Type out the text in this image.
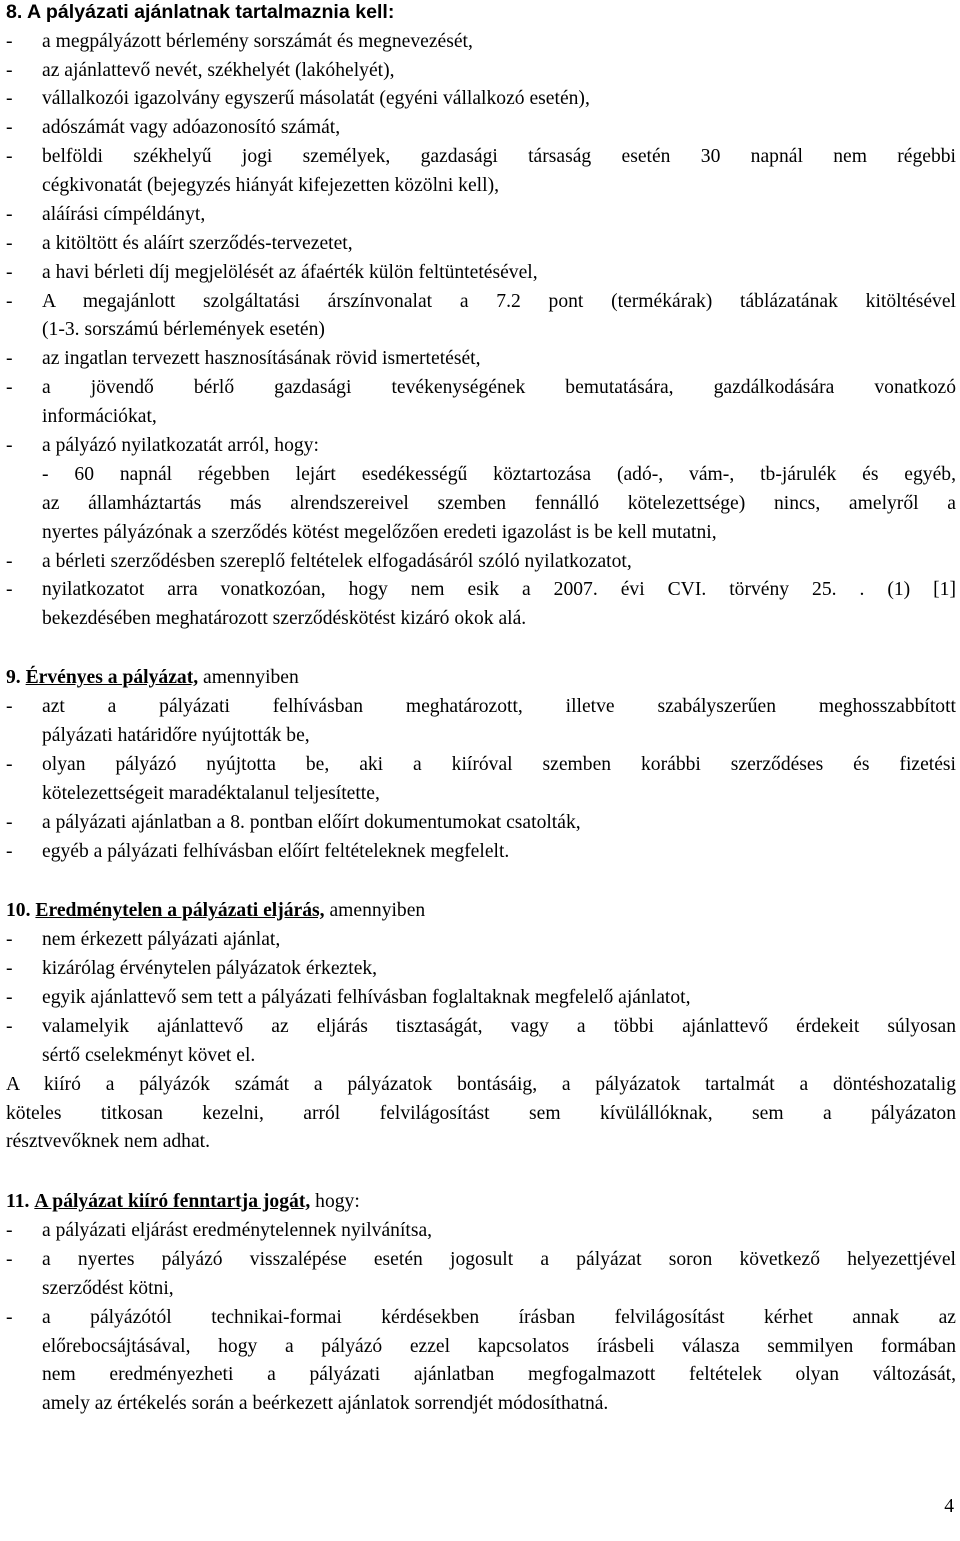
8. A pályázati ajánlatnak tartalmaznia kell:
- a megpályázott bérlemény sorszámát és megnevezését,
- az ajánlattevő nevét, székhelyét (lakóhelyét),
- vállalkozói igazolvány egyszerű másolatát (egyéni vállalkozó esetén),
- adószámát vagy adóazonosító számát,
- belföldi székhelyű jogi személyek, gazdasági társaság esetén 30 napnál nem régebbi
cégkivonatát (bejegyzés hiányát kifejezetten közölni kell),
- aláírási címpéldányt,
- a kitöltött és aláírt szerződés-tervezetet,
- a havi bérleti díj megjelölését az áfaérték külön feltüntetésével,
- A megajánlott szolgáltatási árszínvonalat a 7.2 pont (termékárak) táblázatának kitöltésével
(1-3. sorszámú bérlemények esetén)
- az ingatlan tervezett hasznosításának rövid ismertetését,
- a jövendő bérlő gazdasági tevékenységének bemutatására, gazdálkodására vonatkozó
információkat,
- a pályázó nyilatkozatát arról, hogy:
- 60 napnál régebben lejárt esedékességű köztartozása (adó-, vám-, tb-járulék és egyéb,
az államháztartás más alrendszereivel szemben fennálló kötelezettsége) nincs, amelyről a
nyertes pályázónak a szerződés kötést megelőzően eredeti igazolást is be kell mutatni,
- a bérleti szerződésben szereplő feltételek elfogadásáról szóló nyilatkozatot,
- nyilatkozatot arra vonatkozóan, hogy nem esik a 2007. évi CVI. törvény 25. . (1) [1]
bekezdésében meghatározott szerződéskötést kizáró okok alá.
9. Érvényes a pályázat, amennyiben
- azt a pályázati felhívásban meghatározott, illetve szabályszerűen meghosszabbított
pályázati határidőre nyújtották be,
- olyan pályázó nyújtotta be, aki a kiíróval szemben korábbi szerződéses és fizetési
kötelezettségeit maradéktalanul teljesítette,
- a pályázati ajánlatban a 8. pontban előírt dokumentumokat csatolták,
- egyéb a pályázati felhívásban előírt feltételeknek megfelelt.
10. Eredménytelen a pályázati eljárás, amennyiben
- nem érkezett pályázati ajánlat,
- kizárólag érvénytelen pályázatok érkeztek,
- egyik ajánlattevő sem tett a pályázati felhívásban foglaltaknak megfelelő ajánlatot,
- valamelyik ajánlattevő az eljárás tisztaságát, vagy a többi ajánlattevő érdekeit súlyosan
sértő cselekményt követ el.
A kiíró a pályázók számát a pályázatok bontásáig, a pályázatok tartalmát a döntéshozatalig
köteles titkosan kezelni, arról felvilágosítást sem kívülállóknak, sem a pályázaton
résztvevőknek nem adhat.
11. A pályázat kiíró fenntartja jogát, hogy:
- a pályázati eljárást eredménytelennek nyilvánítsa,
- a nyertes pályázó visszalépése esetén jogosult a pályázat soron következő helyezettjével
szerződést kötni,
- a pályázótól technikai-formai kérdésekben írásban felvilágosítást kérhet annak az
előrebocsájtásával, hogy a pályázó ezzel kapcsolatos írásbeli válasza semmilyen formában
nem eredményezheti a pályázati ajánlatban megfogalmazott feltételek olyan változását,
amely az értékelés során a beérkezett ajánlatok sorrendjét módosíthatná.
4
